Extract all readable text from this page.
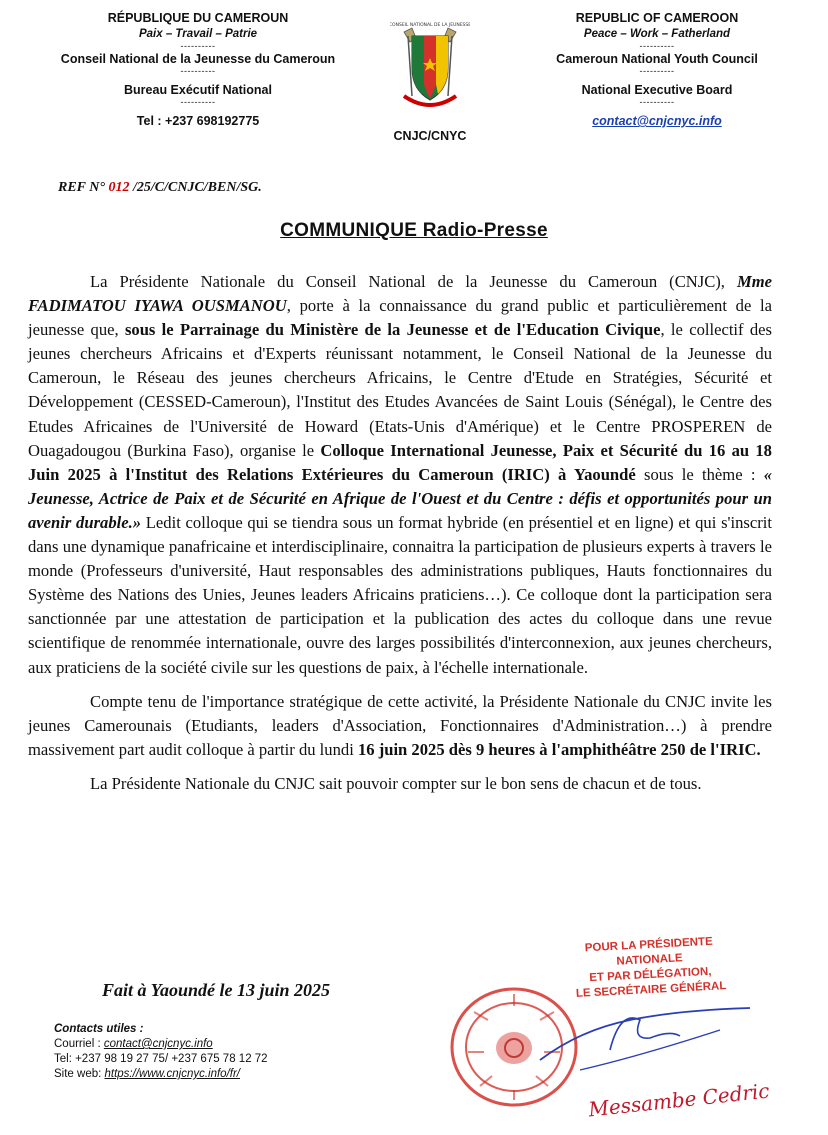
RÉPUBLIQUE DU CAMEROUN
Paix – Travail – Patrie
----------
Conseil National de la Jeunesse du Cameroun
----------
Bureau Exécutif National
----------
Tel : +237 698192775
CONSEIL NATIONAL DE LA JEUNESSE
CNJC/CNYC
REPUBLIC OF CAMEROON
Peace – Work – Fatherland
----------
Cameroun National Youth Council
----------
National Executive Board
----------
contact@cnjcnyc.info
REF N° 012 /25/C/CNJC/BEN/SG.
COMMUNIQUE Radio-Presse

La Présidente Nationale du Conseil National de la Jeunesse du Cameroun (CNJC), Mme FADIMATOU IYAWA OUSMANOU, porte à la connaissance du grand public et particulièrement de la jeunesse que, sous le Parrainage du Ministère de la Jeunesse et de l'Education Civique, le collectif des jeunes chercheurs Africains et d'Experts réunissant notamment, le Conseil National de la Jeunesse du Cameroun, le Réseau des jeunes chercheurs Africains, le Centre d'Etude en Stratégies, Sécurité et Développement (CESSED-Cameroun), l'Institut des Etudes Avancées de Saint Louis (Sénégal), le Centre des Etudes Africaines de l'Université de Howard (Etats-Unis d'Amérique) et le Centre PROSPEREN de Ouagadougou (Burkina Faso), organise le Colloque International Jeunesse, Paix et Sécurité du 16 au 18 Juin 2025 à l'Institut des Relations Extérieures du Cameroun (IRIC) à Yaoundé sous le thème : « Jeunesse, Actrice de Paix et de Sécurité en Afrique de l'Ouest et du Centre : défis et opportunités pour un avenir durable.» Ledit colloque qui se tiendra sous un format hybride (en présentiel et en ligne) et qui s'inscrit dans une dynamique panafricaine et interdisciplinaire, connaitra la participation de plusieurs experts à travers le monde (Professeurs d'université, Haut responsables des administrations publiques, Hauts fonctionnaires du Système des Nations des Unies, Jeunes leaders Africains praticiens…). Ce colloque dont la participation sera sanctionnée par une attestation de participation et la publication des actes du colloque dans une revue scientifique de renommée internationale, ouvre des larges possibilités d'interconnexion, aux jeunes chercheurs, aux praticiens de la société civile sur les questions de paix, à l'échelle internationale.

Compte tenu de l'importance stratégique de cette activité, la Présidente Nationale du CNJC invite les jeunes Camerounais (Etudiants, leaders d'Association, Fonctionnaires d'Administration…) à prendre massivement part audit colloque à partir du lundi 16 juin 2025 dès 9 heures à l'amphithéâtre 250 de l'IRIC.

La Présidente Nationale du CNJC sait pouvoir compter sur le bon sens de chacun et de tous.

Fait à Yaoundé le 13 juin 2025
Contacts utiles :
Courriel : contact@cnjcnyc.info
Tel: +237 98 19 27 75/ +237 675 78 12 72
Site web: https://www.cnjcnyc.info/fr/
POUR LA PRÉSIDENTE NATIONALE
ET PAR DÉLÉGATION,
LE SECRÉTAIRE GÉNÉRAL
Messambe Cedric
